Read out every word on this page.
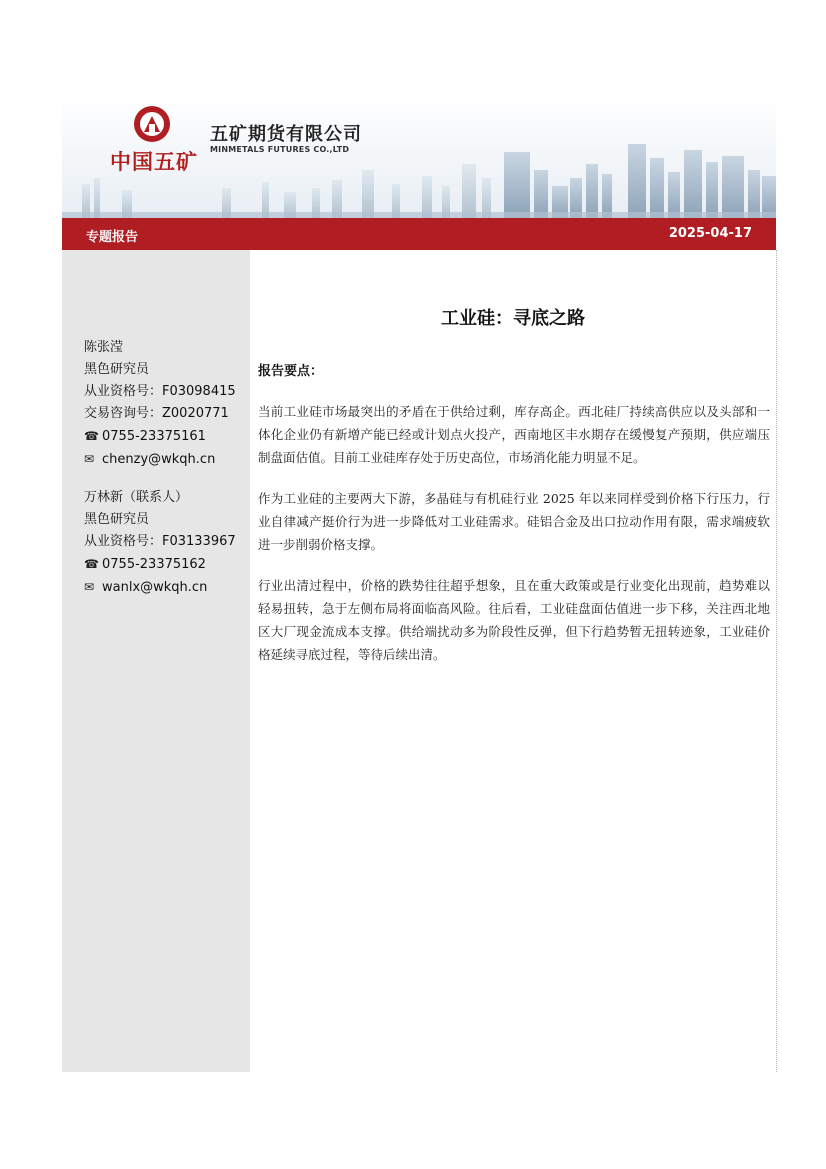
中国五矿
五矿期货有限公司
MINMETALS FUTURES CO.,LTD
专题报告	2025-04-17
陈张滢
黑色研究员
从业资格号：F03098415
交易咨询号：Z0020771
☎ 0755-23375161
✉ chenzy@wkqh.cn
万林新（联系人）
黑色研究员
从业资格号：F03133967
☎ 0755-23375162
✉ wanlx@wkqh.cn
工业硅：寻底之路
报告要点：
当前工业硅市场最突出的矛盾在于供给过剩，库存高企。西北硅厂持续高供应以及头部和一体化企业仍有新增产能已经或计划点火投产，西南地区丰水期存在缓慢复产预期，供应端压制盘面估值。目前工业硅库存处于历史高位，市场消化能力明显不足。
作为工业硅的主要两大下游，多晶硅与有机硅行业 2025 年以来同样受到价格下行压力，行业自律减产挺价行为进一步降低对工业硅需求。硅铝合金及出口拉动作用有限，需求端疲软进一步削弱价格支撑。
行业出清过程中，价格的跌势往往超乎想象，且在重大政策或是行业变化出现前，趋势难以轻易扭转，急于左侧布局将面临高风险。往后看，工业硅盘面估值进一步下移，关注西北地区大厂现金流成本支撑。供给端扰动多为阶段性反弹，但下行趋势暂无扭转迹象，工业硅价格延续寻底过程，等待后续出清。
